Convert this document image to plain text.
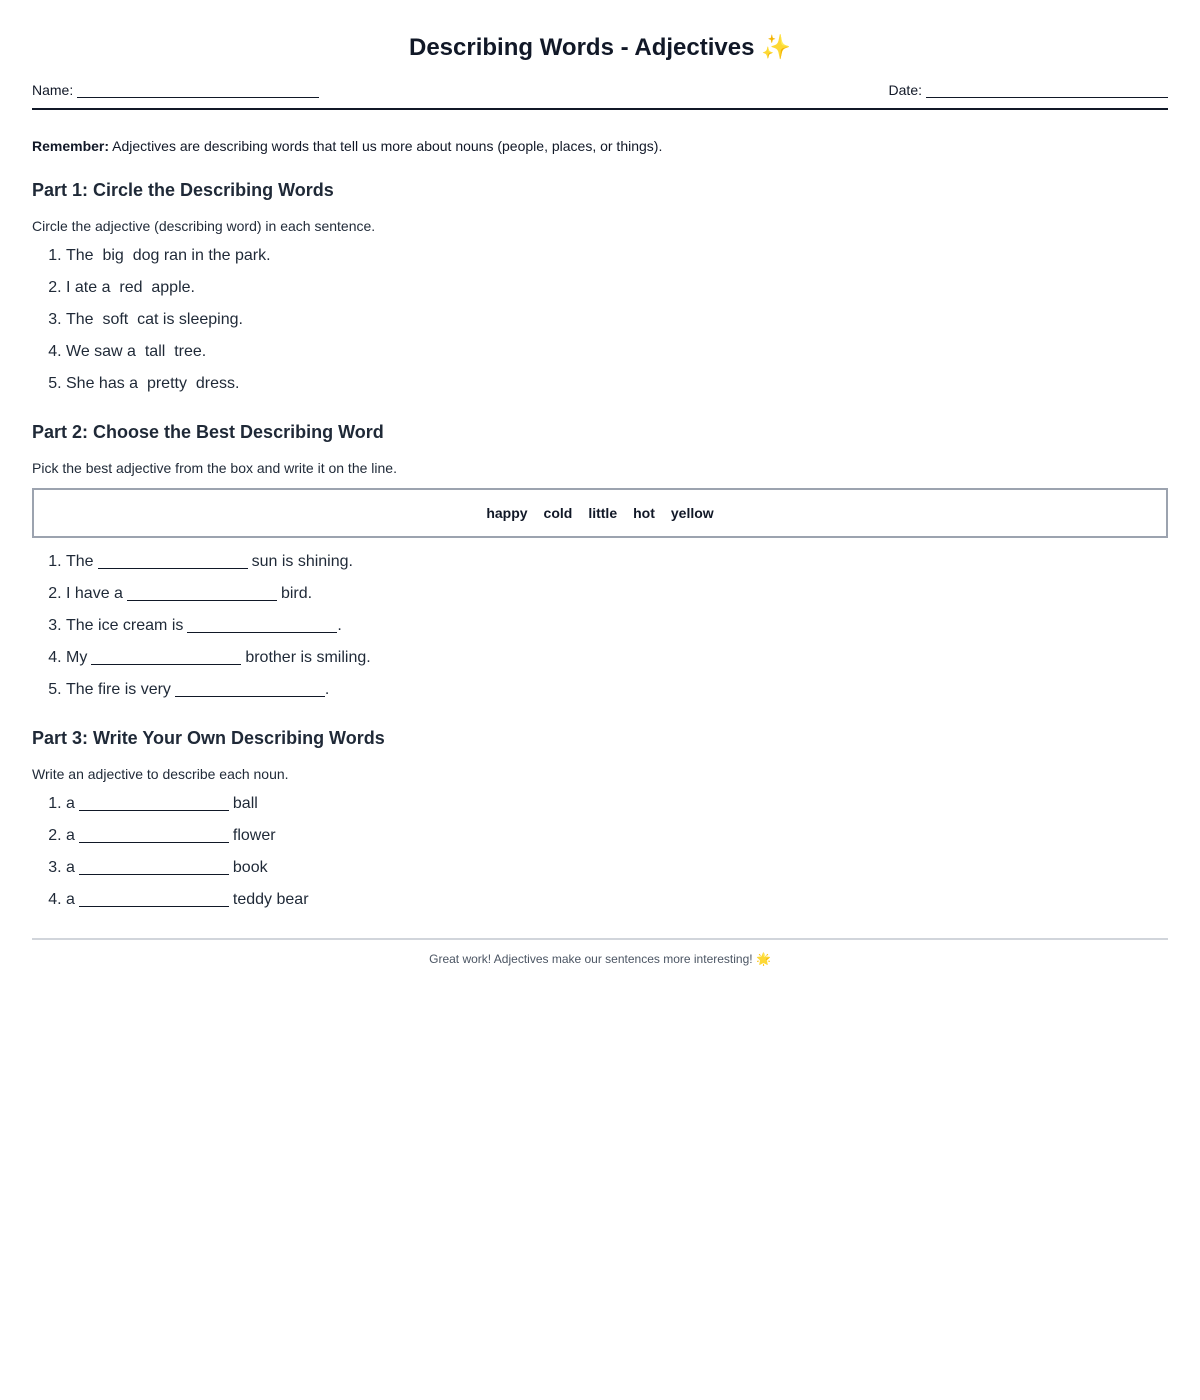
Describing Words - Adjectives ✨
Name:	Date:

Remember: Adjectives are describing words that tell us more about nouns (people, places, or things).

Part 1: Circle the Describing Words

Circle the adjective (describing word) in each sentence.

1. The  big  dog ran in the park.
2. I ate a  red  apple.
3. The  soft  cat is sleeping.
4. We saw a  tall  tree.
5. She has a  pretty  dress.
Part 2: Choose the Best Describing Word

Pick the best adjective from the box and write it on the line.

happy cold little hot yellow
1. The	sun is shining.
2. I have a	bird.
3. The ice cream is	.
4. My	brother is smiling.
5. The fire is very	.
Part 3: Write Your Own Describing Words

Write an adjective to describe each noun.

1. a	ball
2. a	flower
3. a	book
4. a	teddy bear
Great work! Adjectives make our sentences more interesting! 🌟
